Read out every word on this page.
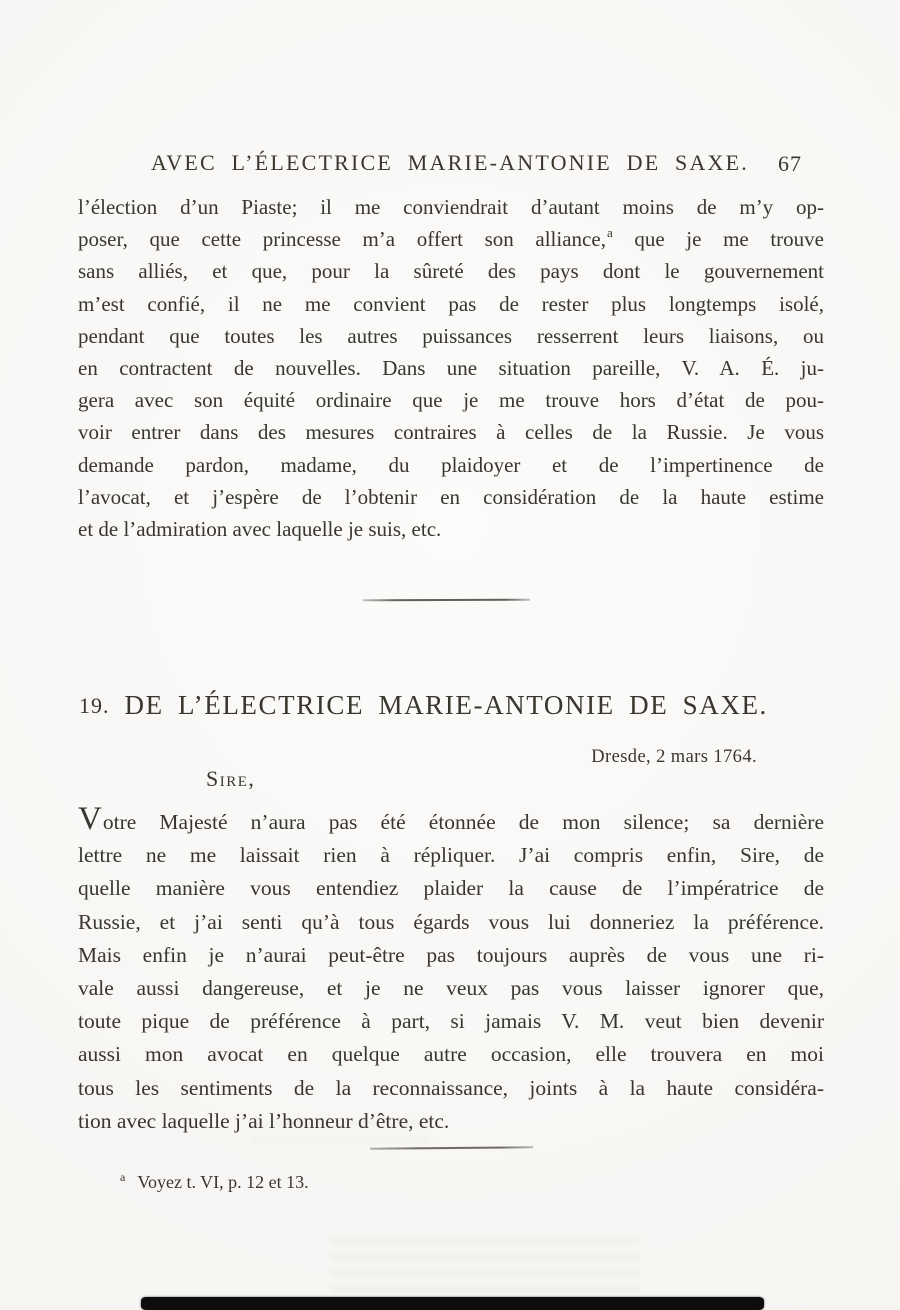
AVEC L’ÉLECTRICE MARIE-ANTONIE DE SAXE. 67
l’élection d’un Piaste; il me conviendrait d’autant moins de m’y op-
poser, que cette princesse m’a offert son alliance,$^a$ que je me trouve
sans alliés, et que, pour la sûreté des pays dont le gouvernement
m’est confié, il ne me convient pas de rester plus longtemps isolé,
pendant que toutes les autres puissances resserrent leurs liaisons, ou
en contractent de nouvelles. Dans une situation pareille, V. A. É. ju-
gera avec son équité ordinaire que je me trouve hors d’état de pou-
voir entrer dans des mesures contraires à celles de la Russie. Je vous
demande pardon, madame, du plaidoyer et de l’impertinence de
l’avocat, et j’espère de l’obtenir en considération de la haute estime
et de l’admiration avec laquelle je suis, etc.
19. DE L’ÉLECTRICE MARIE-ANTONIE DE SAXE.
Dresde, 2 mars 1764.
Sire,
Votre Majesté n’aura pas été étonnée de mon silence; sa dernière
lettre ne me laissait rien à répliquer. J’ai compris enfin, Sire, de
quelle manière vous entendiez plaider la cause de l’impératrice de
Russie, et j’ai senti qu’à tous égards vous lui donneriez la préférence.
Mais enfin je n’aurai peut-être pas toujours auprès de vous une ri-
vale aussi dangereuse, et je ne veux pas vous laisser ignorer que,
toute pique de préférence à part, si jamais V. M. veut bien devenir
aussi mon avocat en quelque autre occasion, elle trouvera en moi
tous les sentiments de la reconnaissance, joints à la haute considéra-
tion avec laquelle j’ai l’honneur d’être, etc.
$^a$ Voyez t. VI, p. 12 et 13.
